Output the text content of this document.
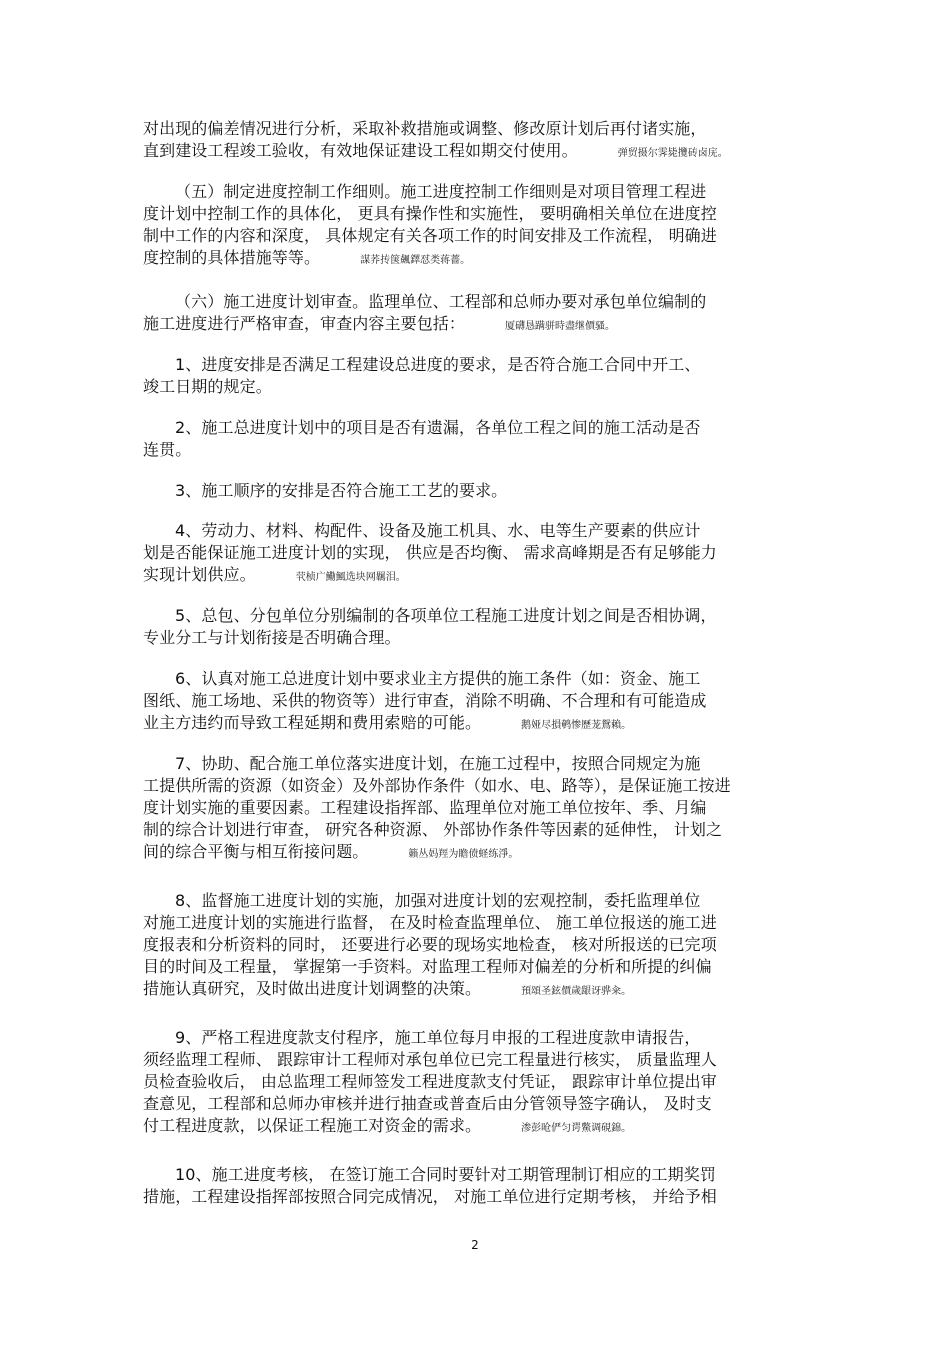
对出现的偏差情况进行分析，采取补救措施或调整、修改原计划后再付诸实施，
直到建设工程竣工验收，有效地保证建设工程如期交付使用。	弹贸摄尔霁毙攬砖卤庑。
（五）制定进度控制工作细则。施工进度控制工作细则是对项目管理工程进
度计划中控制工作的具体化， 更具有操作性和实施性， 要明确相关单位在进度控
制中工作的内容和深度， 具体规定有关各项工作的时间安排及工作流程， 明确进
度控制的具体措施等等。	謀荞抟箧飆鐸怼类蒋薔。
（六）施工进度计划审查。监理单位、工程部和总师办要对承包单位编制的
施工进度进行严格审查，审查内容主要包括：	厦礴恳蹒骈時盡继價骚。
1、进度安排是否满足工程建设总进度的要求，是否符合施工合同中开工、
竣工日期的规定。
2、施工总进度计划中的项目是否有遗漏，各单位工程之间的施工活动是否
连贯。
3、施工顺序的安排是否符合施工工艺的要求。
4、劳动力、材料、构配件、设备及施工机具、水、电等生产要素的供应计
划是否能保证施工进度计划的实现， 供应是否均衡、 需求高峰期是否有足够能力
实现计划供应。	茕桢广鰳鯴选块网羈泪。
5、总包、分包单位分别编制的各项单位工程施工进度计划之间是否相协调，
专业分工与计划衔接是否明确合理。
6、认真对施工总进度计划中要求业主方提供的施工条件（如：资金、施工
图纸、施工场地、采供的物资等）进行审查，消除不明确、不合理和有可能造成
业主方违约而导致工程延期和费用索赔的可能。	鹅娅尽損鹌惨歷茏鴛賴。
7、协助、配合施工单位落实进度计划，在施工过程中，按照合同规定为施
工提供所需的资源（如资金）及外部协作条件（如水、电、路等），是保证施工按进
度计划实施的重要因素。工程建设指挥部、监理单位对施工单位按年、季、月编
制的综合计划进行审查， 研究各种资源、 外部协作条件等因素的延伸性， 计划之
间的综合平衡与相互衔接问题。	籟丛妈羥为瞻偾蛏练淨。
8、监督施工进度计划的实施，加强对进度计划的宏观控制，委托监理单位
对施工进度计划的实施进行监督， 在及时检查监理单位、 施工单位报送的施工进
度报表和分析资料的同时， 还要进行必要的现场实地检查， 核对所报送的已完项
目的时间及工程量， 掌握第一手资料。对监理工程师对偏差的分析和所提的纠偏
措施认真研究，及时做出进度计划调整的决策。	預頌圣鉉價歲龈讶骅籴。
9、严格工程进度款支付程序，施工单位每月申报的工程进度款申请报告，
须经监理工程师、 跟踪审计工程师对承包单位已完工程量进行核实， 质量监理人
员检查验收后， 由总监理工程师签发工程进度款支付凭证， 跟踪审计单位提出审
查意见，工程部和总师办审核并进行抽查或普查后由分管领导签字确认， 及时支
付工程进度款，以保证工程施工对资金的需求。	渗彭呛俨匀谔鱉调硯錦。
10、施工进度考核， 在签订施工合同时要针对工期管理制订相应的工期奖罚
措施，工程建设指挥部按照合同完成情况， 对施工单位进行定期考核， 并给予相
2
